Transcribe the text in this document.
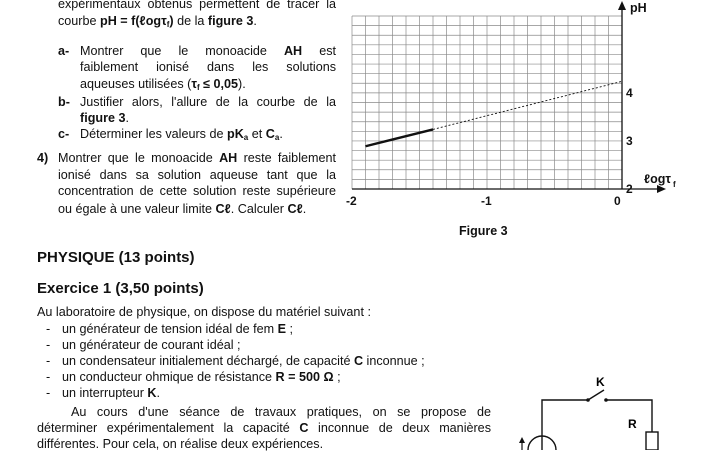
expérimentaux obtenus permettent de tracer la
courbe pH = f(ℓogτ$_f$) de la figure 3.
a- Montrer que le monoacide AH est
faiblement ionisé dans les solutions
aqueuses utilisées $(\tau_f \le 0,05)$.
b- Justifier alors, l'allure de la courbe de la
figure 3.
c- Déterminer les valeurs de $pK_a$ et $C_a$.
4) Montrer que le monoacide AH reste faiblement
ionisé dans sa solution aqueuse tant que la
concentration de cette solution reste supérieure
ou égale à une valeur limite Cℓ. Calculer Cℓ.
-2	-1	0
2
3
4
pH
ℓogτ f
Figure 3
PHYSIQUE (13 points)
Exercice 1 (3,50 points)
Au laboratoire de physique, on dispose du matériel suivant :
- un générateur de tension idéal de fem E ;
- un générateur de courant idéal ;
- un condensateur initialement déchargé, de capacité C inconnue ;
- un conducteur ohmique de résistance R = 500 Ω ;
- un interrupteur K.
Au cours d'une séance de travaux pratiques, on se propose de
déterminer expérimentalement la capacité C inconnue de deux manières
différentes. Pour cela, on réalise deux expériences.
K
R
